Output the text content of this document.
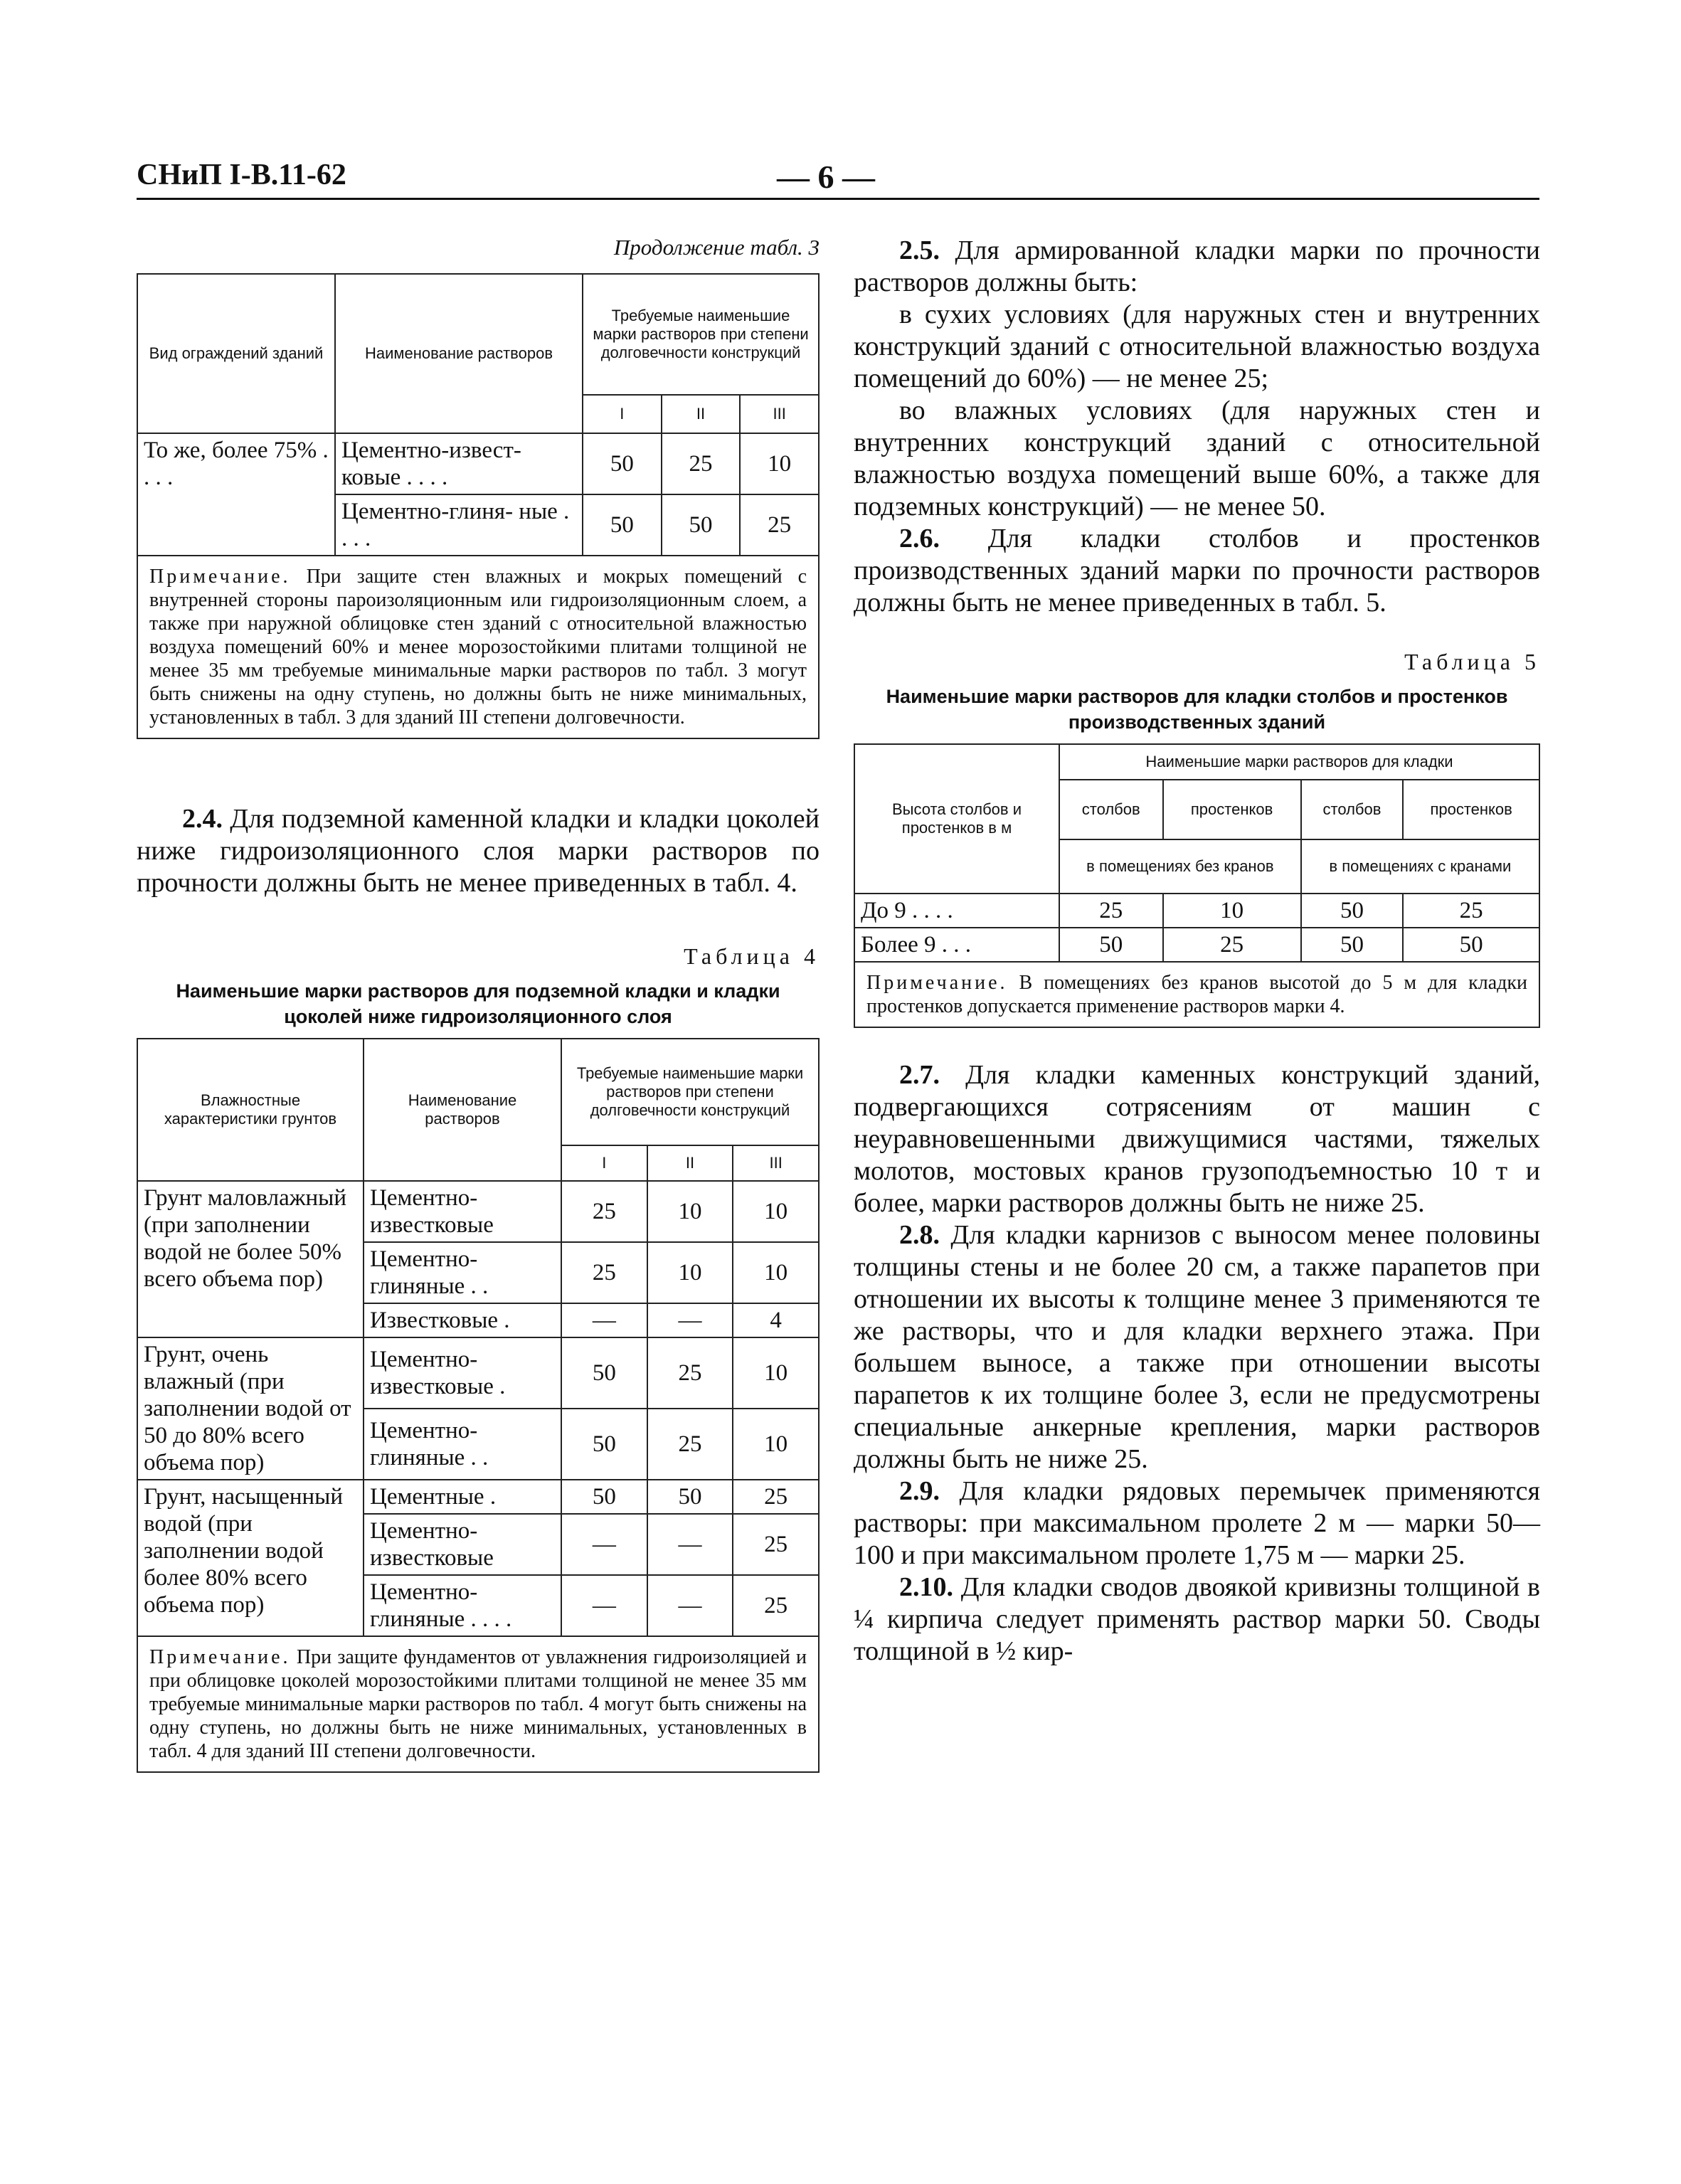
СНиП I-В.11-62	— 6 —

Продолжение табл. 3

Вид ограждений зданий	Наименование растворов	Требуемые наименьшие марки растворов при степени долговечности конструкций		
		I	II	III
То же, более 75% . . . .	Цементно-извест- ковые . . . .	50	25	10
	Цементно-глиня- ные . . . .	50	50	25
Примечание. При защите стен влажных и мокрых помещений с внутренней стороны пароизоляционным или гидроизоляционным слоем, а также при наружной облицовке стен зданий с относительной влажностью воздуха помещений 60% и менее морозостойкими плитами толщиной не менее 35 мм требуемые минимальные марки растворов по табл. 3 могут быть снижены на одну ступень, но должны быть не ниже минимальных, установленных в табл. 3 для зданий III степени долговечности.				

2.4. Для подземной каменной кладки и кладки цоколей ниже гидроизоляционного слоя марки растворов по прочности должны быть не менее приведенных в табл. 4.

Таблица 4

Наименьшие марки растворов для подземной кладки и кладки цоколей ниже гидроизоляционного слоя

Влажностные характеристики грунтов	Наименование растворов	Требуемые наименьшие марки растворов при степени долговечности конструкций		
		I	II	III
Грунт маловлажный (при заполнении водой не более 50% всего объема пор)	Цементно-известковые	25	10	10
	Цементно-глиняные . .	25	10	10
	Известковые .	—	—	4
Грунт, очень влажный (при заполнении водой от 50 до 80% всего объема пор)	Цементно-известковые .	50	25	10
	Цементно-глиняные . .	50	25	10
Грунт, насыщенный водой (при заполнении водой более 80% всего объема пор)	Цементные .	50	50	25
	Цементно-известковые	—	—	25
	Цементно-глиняные . . . .	—	—	25
Примечание. При защите фундаментов от увлажнения гидроизоляцией и при облицовке цоколей морозостойкими плитами толщиной не менее 35 мм требуемые минимальные марки растворов по табл. 4 могут быть снижены на одну ступень, но должны быть не ниже минимальных, установленных в табл. 4 для зданий III степени долговечности.				

2.5. Для армированной кладки марки по прочности растворов должны быть:

в сухих условиях (для наружных стен и внутренних конструкций зданий с относительной влажностью воздуха помещений до 60%) — не менее 25;

во влажных условиях (для наружных стен и внутренних конструкций зданий с относительной влажностью воздуха помещений выше 60%, а также для подземных конструкций) — не менее 50.

2.6. Для кладки столбов и простенков производственных зданий марки по прочности растворов должны быть не менее приведенных в табл. 5.

Таблица 5

Наименьшие марки растворов для кладки столбов и простенков производственных зданий

Высота столбов и простенков в м	Наименьшие марки растворов для кладки			
	столбов	простенков	столбов	простенков
	в помещениях без кранов		в помещениях с кранами	
До 9 . . . .	25	10	50	25
Более 9 . . .	50	25	50	50
Примечание. В помещениях без кранов высотой до 5 м для кладки простенков допускается применение растворов марки 4.				

2.7. Для кладки каменных конструкций зданий, подвергающихся сотрясениям от машин с неуравновешенными движущимися частями, тяжелых молотов, мостовых кранов грузоподъемностью 10 т и более, марки растворов должны быть не ниже 25.

2.8. Для кладки карнизов с выносом менее половины толщины стены и не более 20 см, а также парапетов при отношении их высоты к толщине менее 3 применяются те же растворы, что и для кладки верхнего этажа. При большем выносе, а также при отношении высоты парапетов к их толщине более 3, если не предусмотрены специальные анкерные крепления, марки растворов должны быть не ниже 25.

2.9. Для кладки рядовых перемычек применяются растворы: при максимальном пролете 2 м — марки 50—100 и при максимальном пролете 1,75 м — марки 25.

2.10. Для кладки сводов двоякой кривизны толщиной в ¼ кирпича следует применять раствор марки 50. Своды толщиной в ½ кир-
